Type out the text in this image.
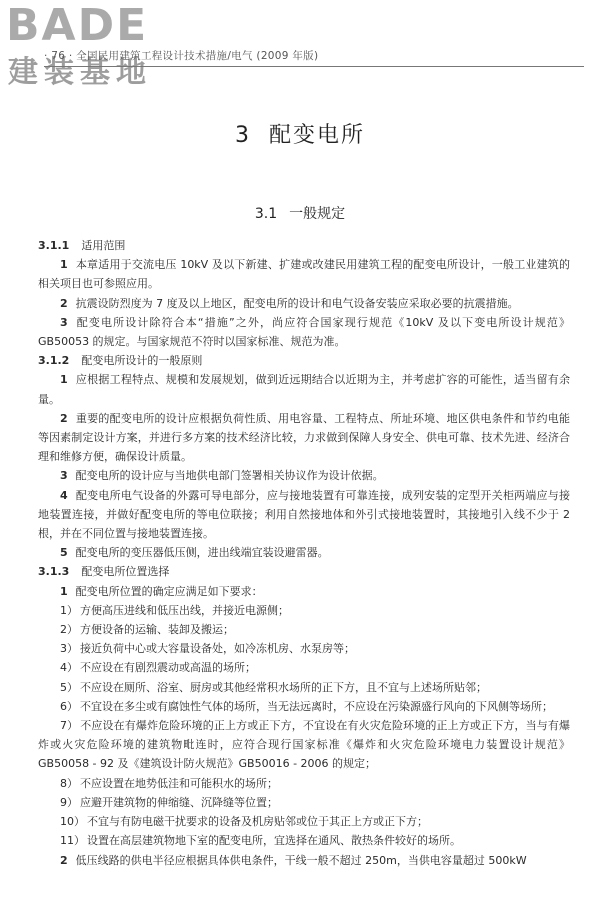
BADE
建装基地
· 76 · 全国民用建筑工程设计技术措施/电气 (2009 年版)
3 配变电所
3.1 一般规定

3.1.1 适用范围

1 本章适用于交流电压 10kV 及以下新建、扩建或改建民用建筑工程的配变电所设计，一般工业建筑的相关项目也可参照应用。

2 抗震设防烈度为 7 度及以上地区，配变电所的设计和电气设备安装应采取必要的抗震措施。

3 配变电所设计除符合本“措施”之外，尚应符合国家现行规范《10kV 及以下变电所设计规范》GB50053 的规定。与国家规范不符时以国家标准、规范为准。

3.1.2 配变电所设计的一般原则

1 应根据工程特点、规模和发展规划，做到近远期结合以近期为主，并考虑扩容的可能性，适当留有余量。

2 重要的配变电所的设计应根据负荷性质、用电容量、工程特点、所址环境、地区供电条件和节约电能等因素制定设计方案，并进行多方案的技术经济比较，力求做到保障人身安全、供电可靠、技术先进、经济合理和维修方便，确保设计质量。

3 配变电所的设计应与当地供电部门签署相关协议作为设计依据。

4 配变电所电气设备的外露可导电部分，应与接地装置有可靠连接，成列安装的定型开关柜两端应与接地装置连接，并做好配变电所的等电位联接；利用自然接地体和外引式接地装置时，其接地引入线不少于 2 根，并在不同位置与接地装置连接。

5 配变电所的变压器低压侧，进出线端宜装设避雷器。

3.1.3 配变电所位置选择

1 配变电所位置的确定应满足如下要求：

1） 方便高压进线和低压出线，并接近电源侧；

2） 方便设备的运输、装卸及搬运；

3） 接近负荷中心或大容量设备处，如冷冻机房、水泵房等；

4） 不应设在有剧烈震动或高温的场所；

5） 不应设在厕所、浴室、厨房或其他经常积水场所的正下方，且不宜与上述场所贴邻；

6） 不宜设在多尘或有腐蚀性气体的场所，当无法远离时，不应设在污染源盛行风向的下风侧等场所；

7） 不应设在有爆炸危险环境的正上方或正下方，不宜设在有火灾危险环境的正上方或正下方，当与有爆炸或火灾危险环境的建筑物毗连时，应符合现行国家标准《爆炸和火灾危险环境电力装置设计规范》GB50058 - 92 及《建筑设计防火规范》GB50016 - 2006 的规定；

8） 不应设置在地势低洼和可能积水的场所；

9） 应避开建筑物的伸缩缝、沉降缝等位置；

10） 不宜与有防电磁干扰要求的设备及机房贴邻或位于其正上方或正下方；

11） 设置在高层建筑物地下室的配变电所，宜选择在通风、散热条件较好的场所。

2 低压线路的供电半径应根据具体供电条件，干线一般不超过 250m，当供电容量超过 500kW
